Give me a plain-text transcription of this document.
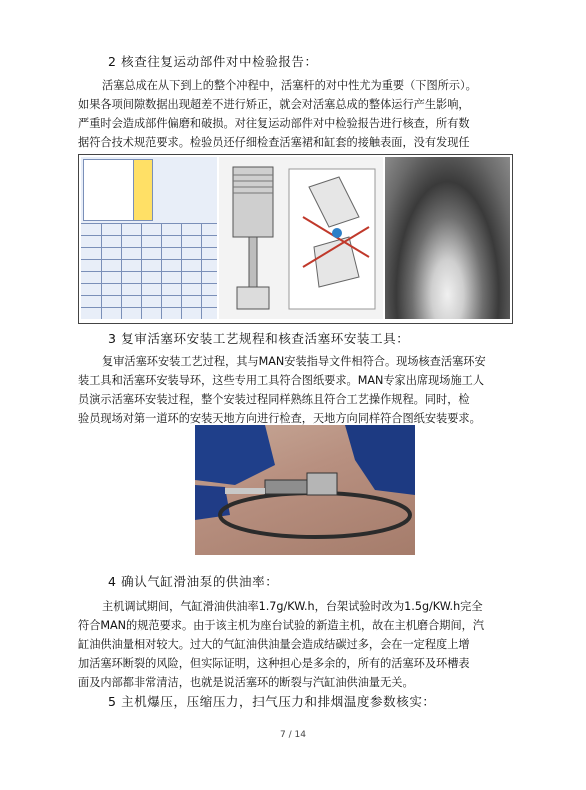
2 核查往复运动部件对中检验报告：
活塞总成在从下到上的整个冲程中，活塞杆的对中性尤为重要（下图所示）。
如果各项间隙数据出现超差不进行矫正，就会对活塞总成的整体运行产生影响，
严重时会造成部件偏磨和破损。对往复运动部件对中检验报告进行核查，所有数
据符合技术规范要求。检验员还仔细检查活塞裙和缸套的接触表面，没有发现任
3 复审活塞环安装工艺规程和核查活塞环安装工具：
复审活塞环安装工艺过程，其与MAN安装指导文件相符合。现场核查活塞环安
装工具和活塞环安装导环，这些专用工具符合图纸要求。MAN专家出席现场施工人
员演示活塞环安装过程，整个安装过程同样熟练且符合工艺操作规程。同时，检
验员现场对第一道环的安装天地方向进行检查，天地方向同样符合图纸安装要求。
4 确认气缸滑油泵的供油率：
主机调试期间，气缸滑油供油率1.7g/KW.h，台架试验时改为1.5g/KW.h完全
符合MAN的规范要求。由于该主机为座台试验的新造主机，故在主机磨合期间，汽
缸油供油量相对较大。过大的气缸油供油量会造成结碳过多，会在一定程度上增
加活塞环断裂的风险，但实际证明，这种担心是多余的，所有的活塞环及环槽表
面及内部都非常清洁，也就是说活塞环的断裂与汽缸油供油量无关。
5 主机爆压，压缩压力，扫气压力和排烟温度参数核实：
7 / 14
